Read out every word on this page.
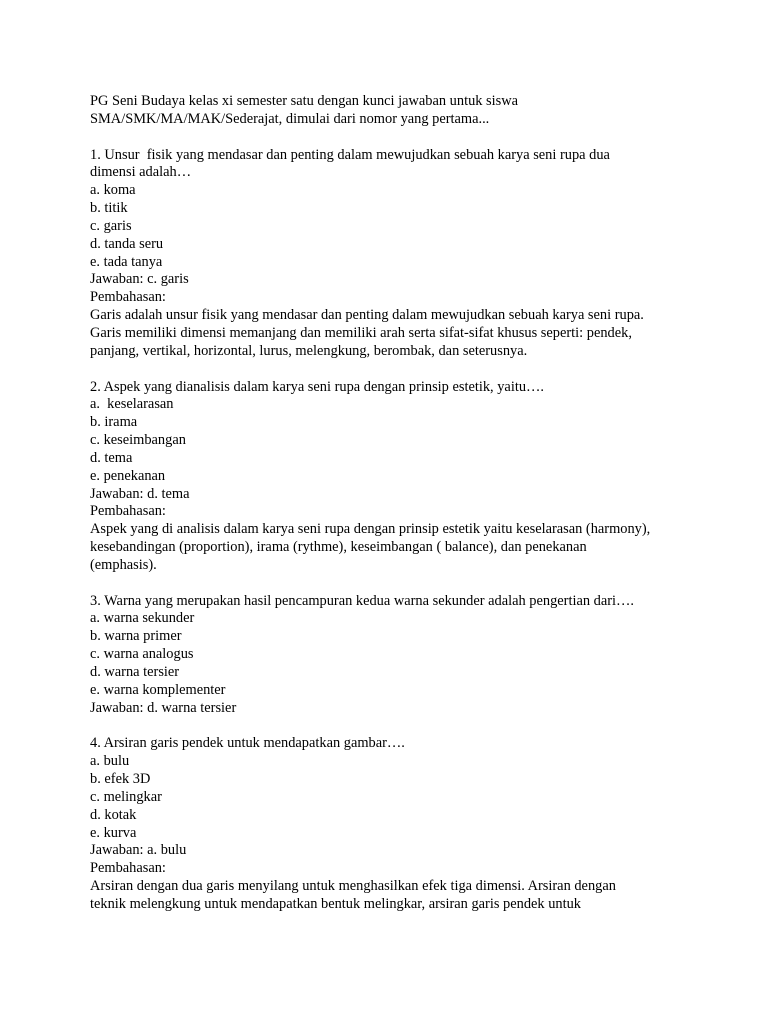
PG Seni Budaya kelas xi semester satu dengan kunci jawaban untuk siswa

SMA/SMK/MA/MAK/Sederajat, dimulai dari nomor yang pertama...

1. Unsur  fisik yang mendasar dan penting dalam mewujudkan sebuah karya seni rupa dua

dimensi adalah…

a. koma

b. titik

c. garis

d. tanda seru

e. tada tanya

Jawaban: c. garis

Pembahasan:

Garis adalah unsur fisik yang mendasar dan penting dalam mewujudkan sebuah karya seni rupa.

Garis memiliki dimensi memanjang dan memiliki arah serta sifat-sifat khusus seperti: pendek,

panjang, vertikal, horizontal, lurus, melengkung, berombak, dan seterusnya.

2. Aspek yang dianalisis dalam karya seni rupa dengan prinsip estetik, yaitu….

a.  keselarasan

b. irama

c. keseimbangan

d. tema

e. penekanan

Jawaban: d. tema

Pembahasan:

Aspek yang di analisis dalam karya seni rupa dengan prinsip estetik yaitu keselarasan (harmony),

kesebandingan (proportion), irama (rythme), keseimbangan ( balance), dan penekanan

(emphasis).

3. Warna yang merupakan hasil pencampuran kedua warna sekunder adalah pengertian dari….

a. warna sekunder

b. warna primer

c. warna analogus

d. warna tersier

e. warna komplementer

Jawaban: d. warna tersier

4. Arsiran garis pendek untuk mendapatkan gambar….

a. bulu

b. efek 3D

c. melingkar

d. kotak

e. kurva

Jawaban: a. bulu

Pembahasan:

Arsiran dengan dua garis menyilang untuk menghasilkan efek tiga dimensi. Arsiran dengan

teknik melengkung untuk mendapatkan bentuk melingkar, arsiran garis pendek untuk
